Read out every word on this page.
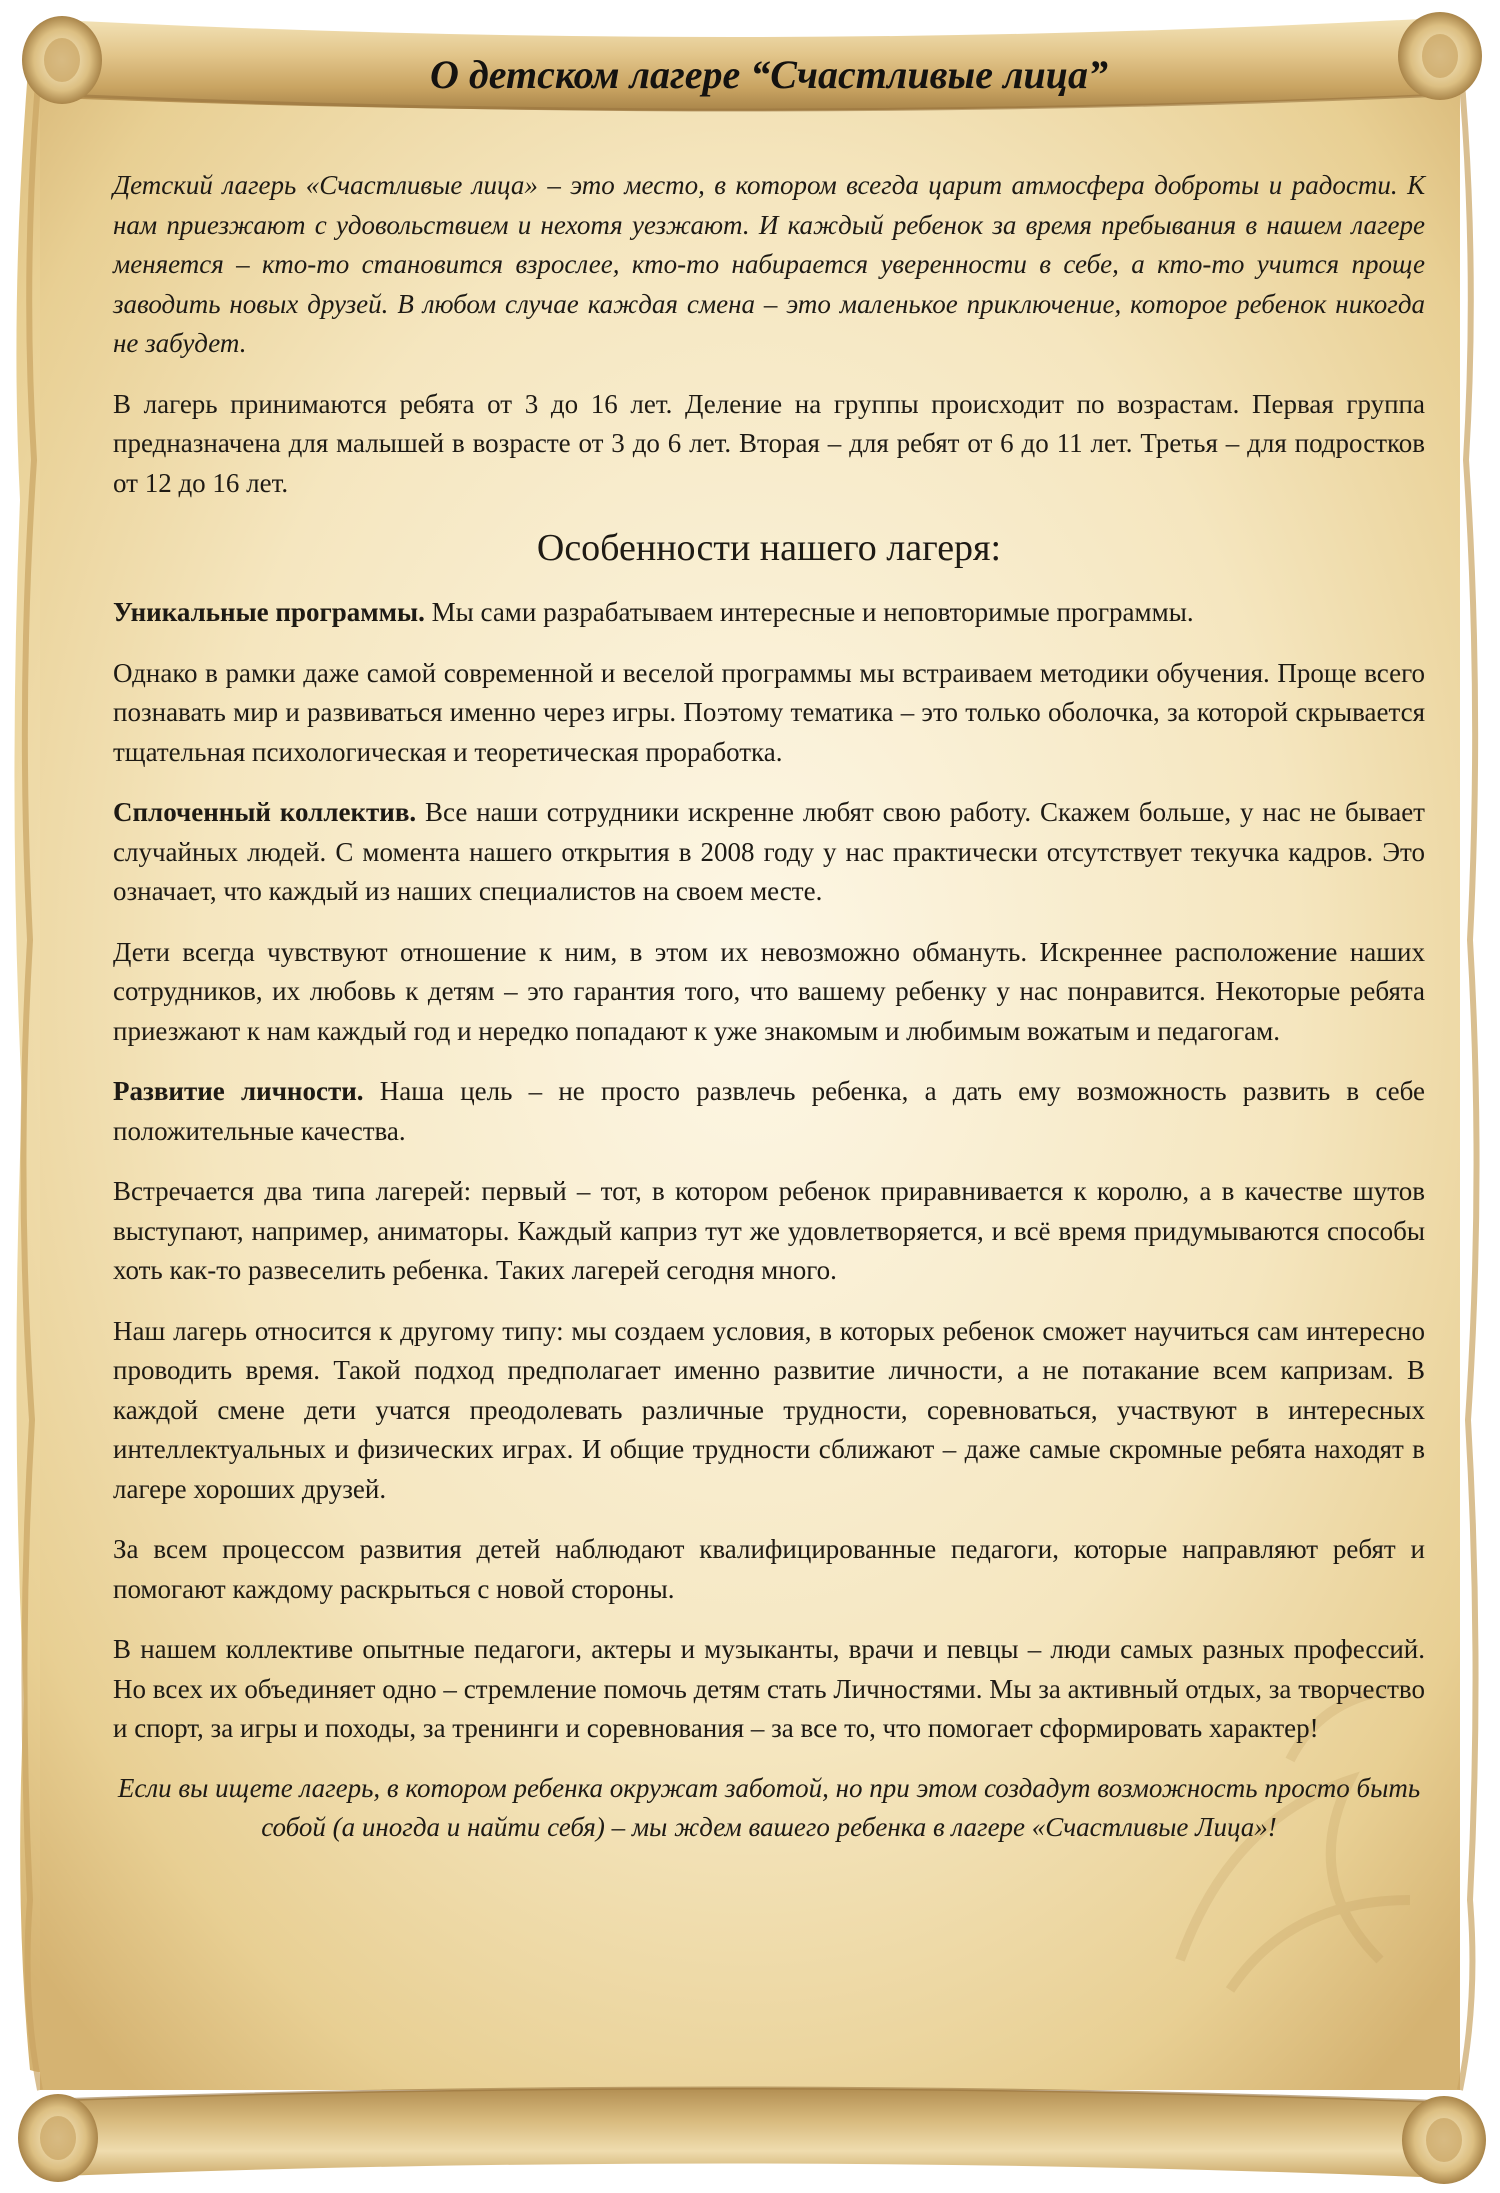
О детском лагере “Счастливые лица”

Детский лагерь «Счастливые лица» – это место, в котором всегда царит атмосфера доброты и радости. К нам приезжают с удовольствием и нехотя уезжают. И каждый ребенок за время пребывания в нашем лагере меняется – кто-то становится взрослее, кто-то набирается уверенности в себе, а кто-то учится проще заводить новых друзей. В любом случае каждая смена – это маленькое приключение, которое ребенок никогда не забудет.

В лагерь принимаются ребята от 3 до 16 лет. Деление на группы происходит по возрастам. Первая группа предназначена для малышей в возрасте от 3 до 6 лет. Вторая – для ребят от 6 до 11 лет. Третья – для подростков от 12 до 16 лет.

Особенности нашего лагеря:

Уникальные программы. Мы сами разрабатываем интересные и неповторимые программы.

Однако в рамки даже самой современной и веселой программы мы встраиваем методики обучения. Проще всего познавать мир и развиваться именно через игры. Поэтому тематика – это только оболочка, за которой скрывается тщательная психологическая и теоретическая проработка.

Сплоченный коллектив. Все наши сотрудники искренне любят свою работу. Скажем больше, у нас не бывает случайных людей. С момента нашего открытия в 2008 году у нас практически отсутствует текучка кадров. Это означает, что каждый из наших специалистов на своем месте.

Дети всегда чувствуют отношение к ним, в этом их невозможно обмануть. Искреннее расположение наших сотрудников, их любовь к детям – это гарантия того, что вашему ребенку у нас понравится. Некоторые ребята приезжают к нам каждый год и нередко попадают к уже знакомым и любимым вожатым и педагогам.

Развитие личности. Наша цель – не просто развлечь ребенка, а дать ему возможность развить в себе положительные качества.

Встречается два типа лагерей: первый – тот, в котором ребенок приравнивается к королю, а в качестве шутов выступают, например, аниматоры. Каждый каприз тут же удовлетворяется, и всё время придумываются способы хоть как-то развеселить ребенка. Таких лагерей сегодня много.

Наш лагерь относится к другому типу: мы создаем условия, в которых ребенок сможет научиться сам интересно проводить время. Такой подход предполагает именно развитие личности, а не потакание всем капризам. В каждой смене дети учатся преодолевать различные трудности, соревноваться, участвуют в интересных интеллектуальных и физических играх. И общие трудности сближают – даже самые скромные ребята находят в лагере хороших друзей.

За всем процессом развития детей наблюдают квалифицированные педагоги, которые направляют ребят и помогают каждому раскрыться с новой стороны.

В нашем коллективе опытные педагоги, актеры и музыканты, врачи и певцы – люди самых разных профессий. Но всех их объединяет одно – стремление помочь детям стать Личностями. Мы за активный отдых, за творчество и спорт, за игры и походы, за тренинги и соревнования – за все то, что помогает сформировать характер!

Если вы ищете лагерь, в котором ребенка окружат заботой, но при этом создадут возможность просто быть собой (а иногда и найти себя) – мы ждем вашего ребенка в лагере «Счастливые Лица»!
